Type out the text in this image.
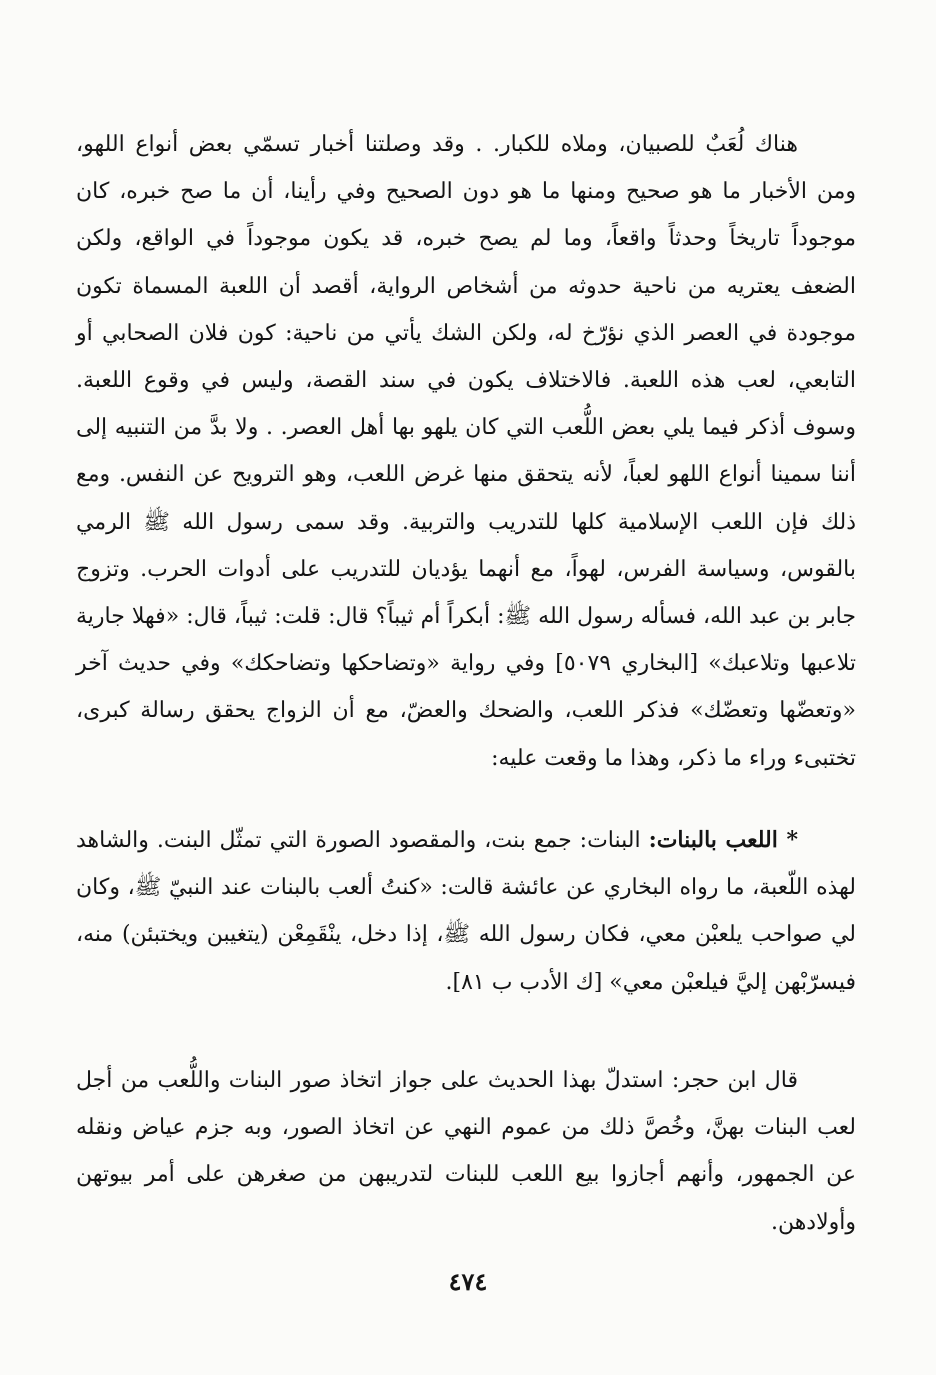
هناك لُعَبٌ للصبيان، وملاه للكبار. . وقد وصلتنا أخبار تسمّي بعض أنواع اللهو، ومن الأخبار ما هو صحيح ومنها ما هو دون الصحيح وفي رأينا، أن ما صح خبره، كان موجوداً تاريخاً وحدثاً واقعاً، وما لم يصح خبره، قد يكون موجوداً في الواقع، ولكن الضعف يعتريه من ناحية حدوثه من أشخاص الرواية، أقصد أن اللعبة المسماة تكون موجودة في العصر الذي نؤرّخ له، ولكن الشك يأتي من ناحية: كون فلان الصحابي أو التابعي، لعب هذه اللعبة. فالاختلاف يكون في سند القصة، وليس في وقوع اللعبة. وسوف أذكر فيما يلي بعض اللُّعب التي كان يلهو بها أهل العصر. . ولا بدَّ من التنبيه إلى أننا سمينا أنواع اللهو لعباً، لأنه يتحقق منها غرض اللعب، وهو الترويح عن النفس. ومع ذلك فإن اللعب الإسلامية كلها للتدريب والتربية. وقد سمى رسول الله ﷺ الرمي بالقوس، وسياسة الفرس، لهواً، مع أنهما يؤديان للتدريب على أدوات الحرب. وتزوج جابر بن عبد الله، فسأله رسول الله ﷺ: أبكراً أم ثيباً؟ قال: قلت: ثيباً، قال: «فهلا جارية تلاعبها وتلاعبك» [البخاري ٥٠٧٩] وفي رواية «وتضاحكها وتضاحكك» وفي حديث آخر «وتعضّها وتعضّك» فذكر اللعب، والضحك والعضّ، مع أن الزواج يحقق رسالة كبرى، تختبىء وراء ما ذكر، وهذا ما وقعت عليه:

* اللعب بالبنات: البنات: جمع بنت، والمقصود الصورة التي تمثّل البنت. والشاهد لهذه اللّعبة، ما رواه البخاري عن عائشة قالت: «كنتُ ألعب بالبنات عند النبيّ ﷺ، وكان لي صواحب يلعبْن معي، فكان رسول الله ﷺ، إذا دخل، ينْقَمِعْن (يتغيبن ويختبئن) منه، فيسرّبْهن إليَّ فيلعبْن معي» [ك الأدب ب ٨١].

قال ابن حجر: استدلّ بهذا الحديث على جواز اتخاذ صور البنات واللُّعب من أجل لعب البنات بهنَّ، وخُصَّ ذلك من عموم النهي عن اتخاذ الصور، وبه جزم عياض ونقله عن الجمهور، وأنهم أجازوا بيع اللعب للبنات لتدريبهن من صغرهن على أمر بيوتهن وأولادهن.

٤٧٤
